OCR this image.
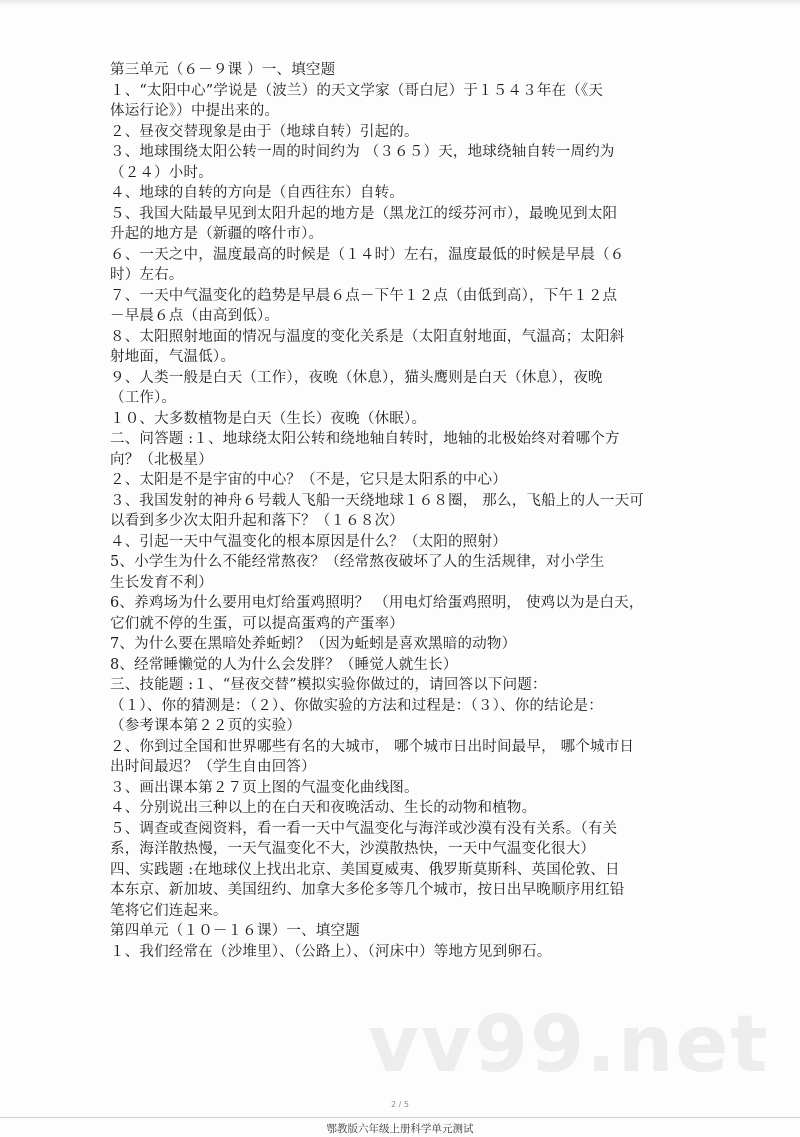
第三单元（６－９课 ）一、填空题
１、“太阳中心”学说是（波兰）的天文学家（哥白尼）于１５４３年在（《天
体运行论》）中提出来的。
２、昼夜交替现象是由于（地球自转）引起的。
３、地球围绕太阳公转一周的时间约为 （３６５）天，地球绕轴自转一周约为
（２４）小时。
４、地球的自转的方向是（自西往东）自转。
５、我国大陆最早见到太阳升起的地方是（黑龙江的绥芬河市），最晚见到太阳
升起的地方是（新疆的喀什市）。
６、一天之中，温度最高的时候是（１４时）左右，温度最低的时候是早晨（６
时）左右。
７、一天中气温变化的趋势是早晨６点－下午１２点（由低到高），下午１２点
－早晨６点（由高到低）。
８、太阳照射地面的情况与温度的变化关系是（太阳直射地面，气温高；太阳斜
射地面，气温低）。
９、人类一般是白天（工作），夜晚（休息），猫头鹰则是白天（休息），夜晚
（工作）。
１０、大多数植物是白天（生长）夜晚（休眠）。
二、问答题 :１、地球绕太阳公转和绕地轴自转时，地轴的北极始终对着哪个方
向？（北极星）
２、太阳是不是宇宙的中心？（不是，它只是太阳系的中心）
３、我国发射的神舟６号载人飞船一天绕地球１６８圈， 那么，飞船上的人一天可
以看到多少次太阳升起和落下？（１６８次）
４、引起一天中气温变化的根本原因是什么？（太阳的照射）
5、小学生为什么不能经常熬夜？（经常熬夜破坏了人的生活规律，对小学生
生长发育不利）
6、养鸡场为什么要用电灯给蛋鸡照明？ （用电灯给蛋鸡照明， 使鸡以为是白天，
它们就不停的生蛋，可以提高蛋鸡的产蛋率）
7、为什么要在黑暗处养蚯蚓？（因为蚯蚓是喜欢黑暗的动物）
8、经常睡懒觉的人为什么会发胖？（睡觉人就生长）
三、技能题 :１、“昼夜交替”模拟实验你做过的，请回答以下问题：
（１）、你的猜测是：（２）、你做实验的方法和过程是：（３）、你的结论是：
（参考课本第２２页的实验）
２、你到过全国和世界哪些有名的大城市， 哪个城市日出时间最早， 哪个城市日
出时间最迟？（学生自由回答）
３、画出课本第２７页上图的气温变化曲线图。
４、分别说出三种以上的在白天和夜晚活动、生长的动物和植物。
５、调查或查阅资料，看一看一天中气温变化与海洋或沙漠有没有关系。（有关
系，海洋散热慢，一天气温变化不大，沙漠散热快，一天中气温变化很大）
四、实践题 :在地球仪上找出北京、美国夏威夷、俄罗斯莫斯科、英国伦敦、日
本东京、新加坡、美国纽约、加拿大多伦多等几个城市，按日出早晚顺序用红铅
笔将它们连起来。
第四单元（１０－１６课）一、填空题
１、我们经常在（沙堆里）、（公路上）、（河床中）等地方见到卵石。
vv99.net
2 / 5
鄂教版六年级上册科学单元测试
